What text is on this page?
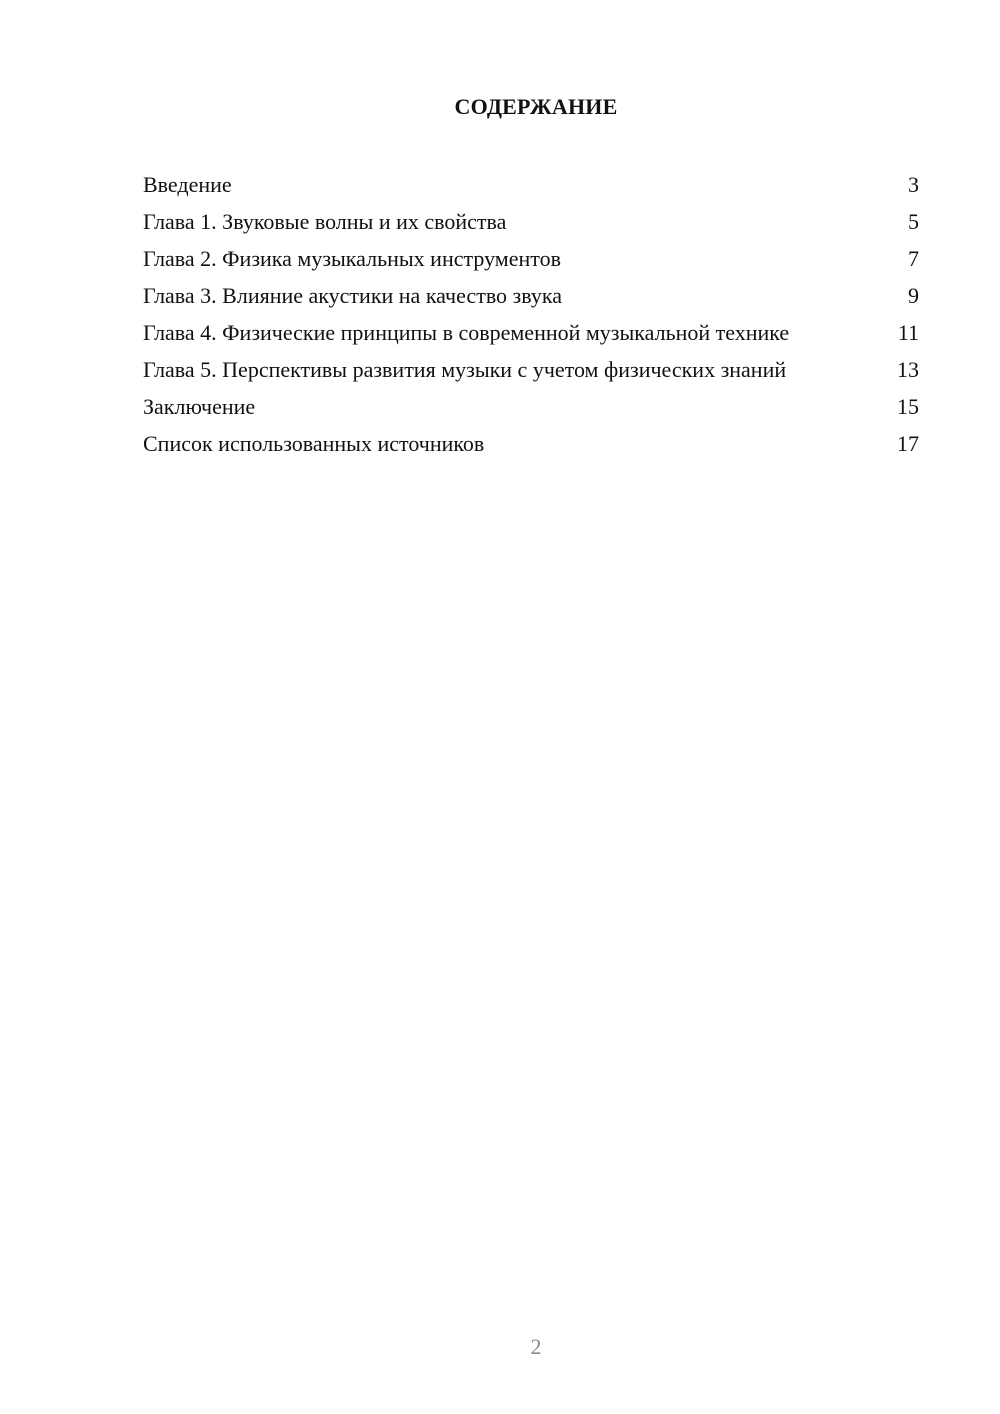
СОДЕРЖАНИЕ
Введение	3
Глава 1. Звуковые волны и их свойства	5
Глава 2. Физика музыкальных инструментов	7
Глава 3. Влияние акустики на качество звука	9
Глава 4. Физические принципы в современной музыкальной технике	11
Глава 5. Перспективы развития музыки с учетом физических знаний	13
Заключение	15
Список использованных источников	17
2
